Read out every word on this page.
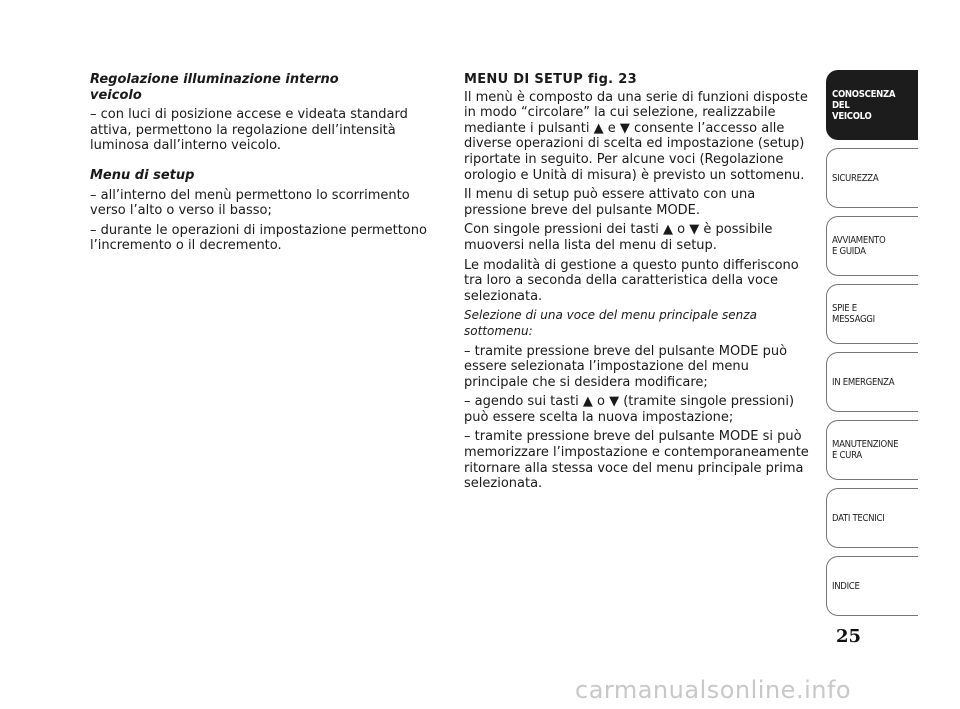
Regolazione illuminazione interno
veicolo

– con luci di posizione accese e videata standard attiva, permettono la regolazione dell’intensità luminosa dall’interno veicolo.

Menu di setup

– all’interno del menù permettono lo scorrimento verso l’alto o verso il basso;

– durante le operazioni di impostazione permettono l’incremento o il decremento.

MENU DI SETUP fig. 23

Il menù è composto da una serie di funzioni disposte in modo “circolare” la cui selezione, realizzabile mediante i pulsanti ▲ e ▼ consente l’accesso alle diverse operazioni di scelta ed impostazione (setup) riportate in seguito. Per alcune voci (Regolazione orologio e Unità di misura) è previsto un sottomenu.

Il menu di setup può essere attivato con una pressione breve del pulsante MODE.

Con singole pressioni dei tasti ▲ o ▼ è possibile muoversi nella lista del menu di setup.

Le modalità di gestione a questo punto differiscono tra loro a seconda della caratteristica della voce selezionata.

Selezione di una voce del menu principale senza sottomenu:

– tramite pressione breve del pulsante MODE può essere selezionata l’impostazione del menu principale che si desidera modificare;

– agendo sui tasti ▲ o ▼ (tramite singole pressioni) può essere scelta la nuova impostazione;

– tramite pressione breve del pulsante MODE si può memorizzare l’impostazione e contemporaneamente ritornare alla stessa voce del menu principale prima selezionata.

CONOSCENZA
DEL
VEICOLO
SICUREZZA
AVVIAMENTO
E GUIDA
SPIE E
MESSAGGI
IN EMERGENZA
MANUTENZIONE
E CURA
DATI TECNICI
INDICE
25
carmanualsonline.info
